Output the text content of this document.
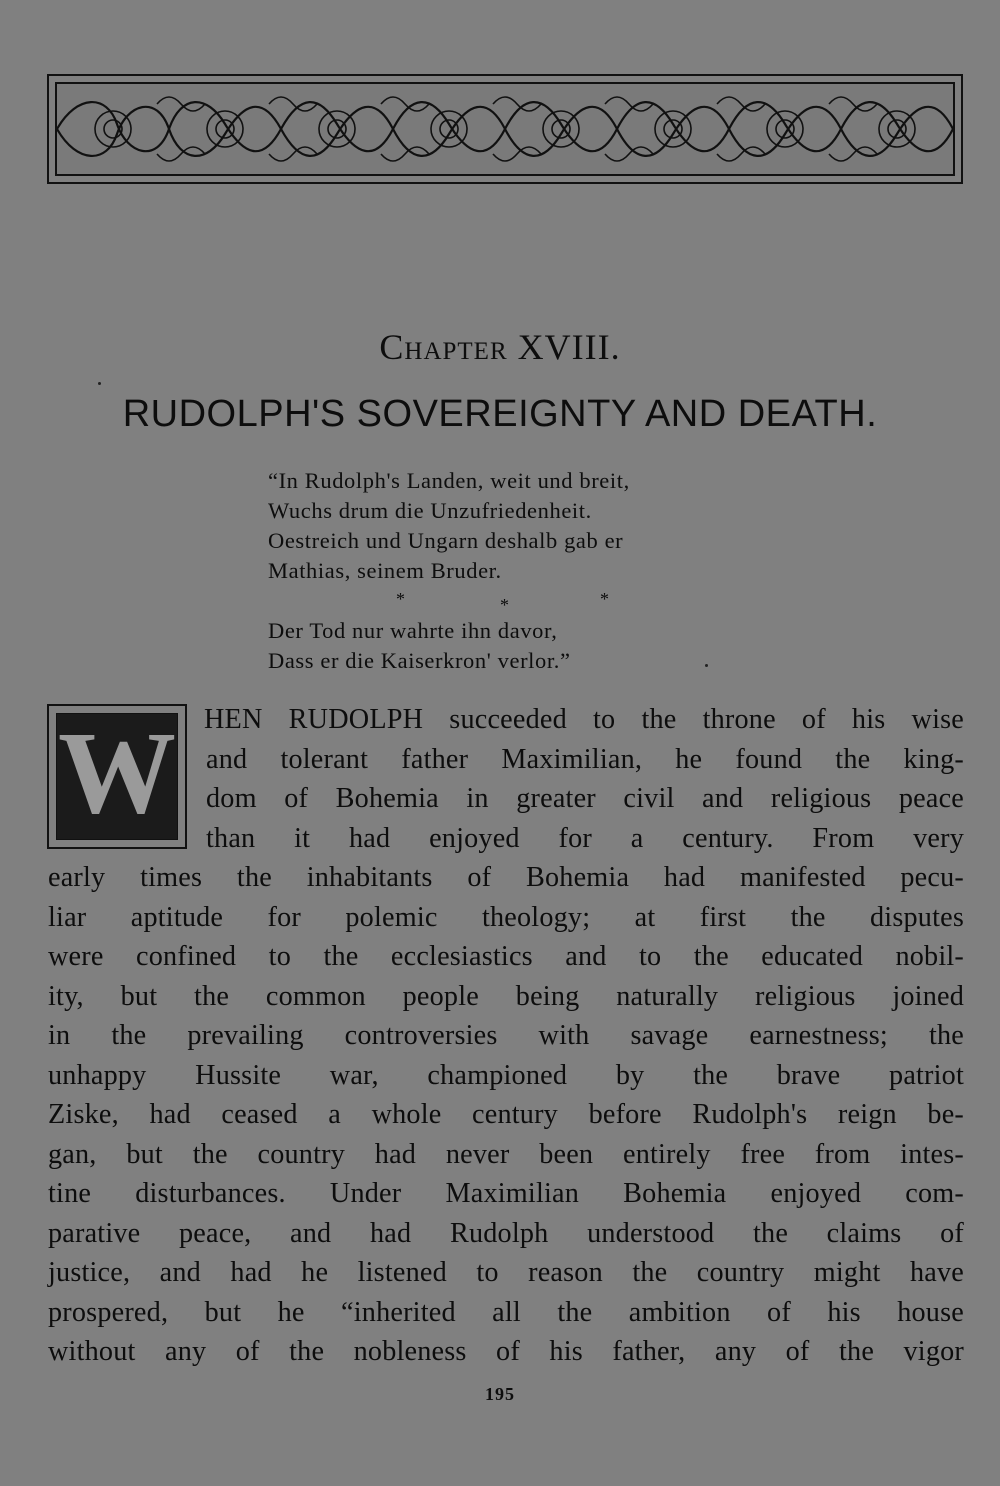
Chapter XVIII.
RUDOLPH'S SOVEREIGNTY AND DEATH.
“In Rudolph's Landen, weit und breit,
Wuchs drum die Unzufriedenheit.
Oestreich und Ungarn deshalb gab er
Mathias, seinem Bruder.
*	*	*
Der Tod nur wahrte ihn davor,
Dass er die Kaiserkron' verlor.”
W HEN RUDOLPH succeeded to the throne of his wise
and tolerant father Maximilian, he found the king-
dom of Bohemia in greater civil and religious peace
than it had enjoyed for a century. From very
early times the inhabitants of Bohemia had manifested pecu-
liar aptitude for polemic theology; at first the disputes
were confined to the ecclesiastics and to the educated nobil-
ity, but the common people being naturally religious joined
in the prevailing controversies with savage earnestness; the
unhappy Hussite war, championed by the brave patriot
Ziske, had ceased a whole century before Rudolph's reign be-
gan, but the country had never been entirely free from intes-
tine disturbances. Under Maximilian Bohemia enjoyed com-
parative peace, and had Rudolph understood the claims of
justice, and had he listened to reason the country might have
prospered, but he “inherited all the ambition of his house
without any of the nobleness of his father, any of the vigor
195
